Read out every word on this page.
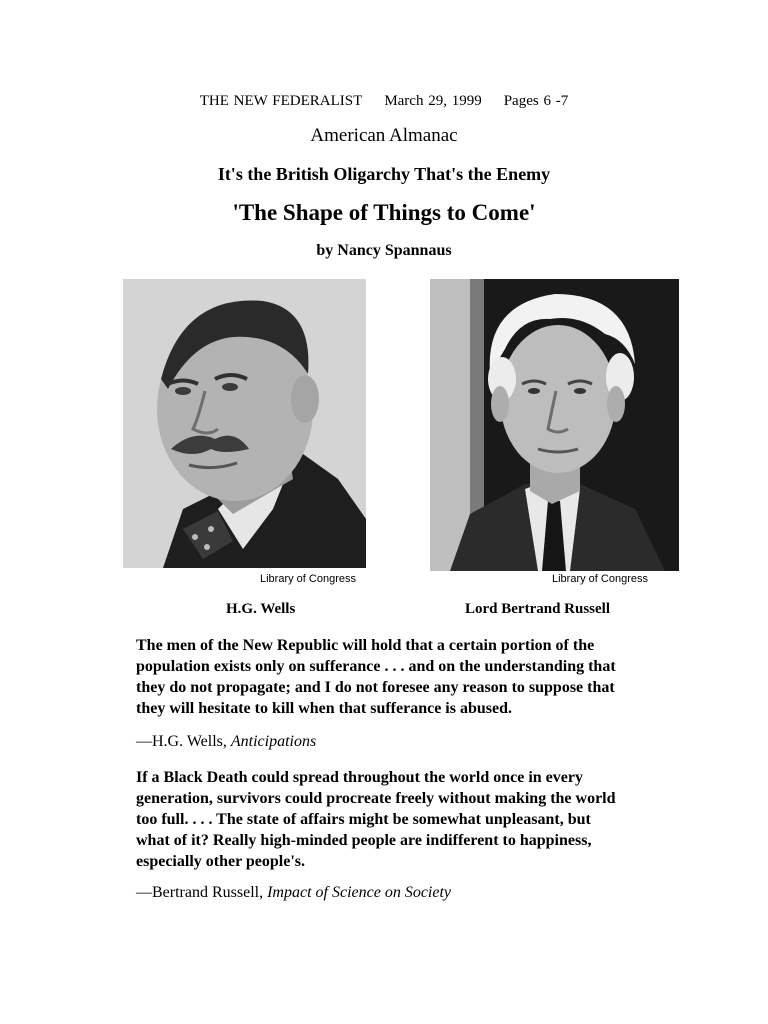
THE NEW FEDERALIST March 29, 1999 Pages 6 -7
American Almanac
It's the British Oligarchy That's the Enemy
'The Shape of Things to Come'
by Nancy Spannaus
Library of Congress	Library of Congress
H.G. Wells	Lord Bertrand Russell
The men of the New Republic will hold that a certain portion of the
population exists only on sufferance . . . and on the understanding that
they do not propagate; and I do not foresee any reason to suppose that
they will hesitate to kill when that sufferance is abused.
—H.G. Wells, Anticipations
If a Black Death could spread throughout the world once in every
generation, survivors could procreate freely without making the world
too full. . . . The state of affairs might be somewhat unpleasant, but
what of it? Really high-minded people are indifferent to happiness,
especially other people's.
—Bertrand Russell, Impact of Science on Society
